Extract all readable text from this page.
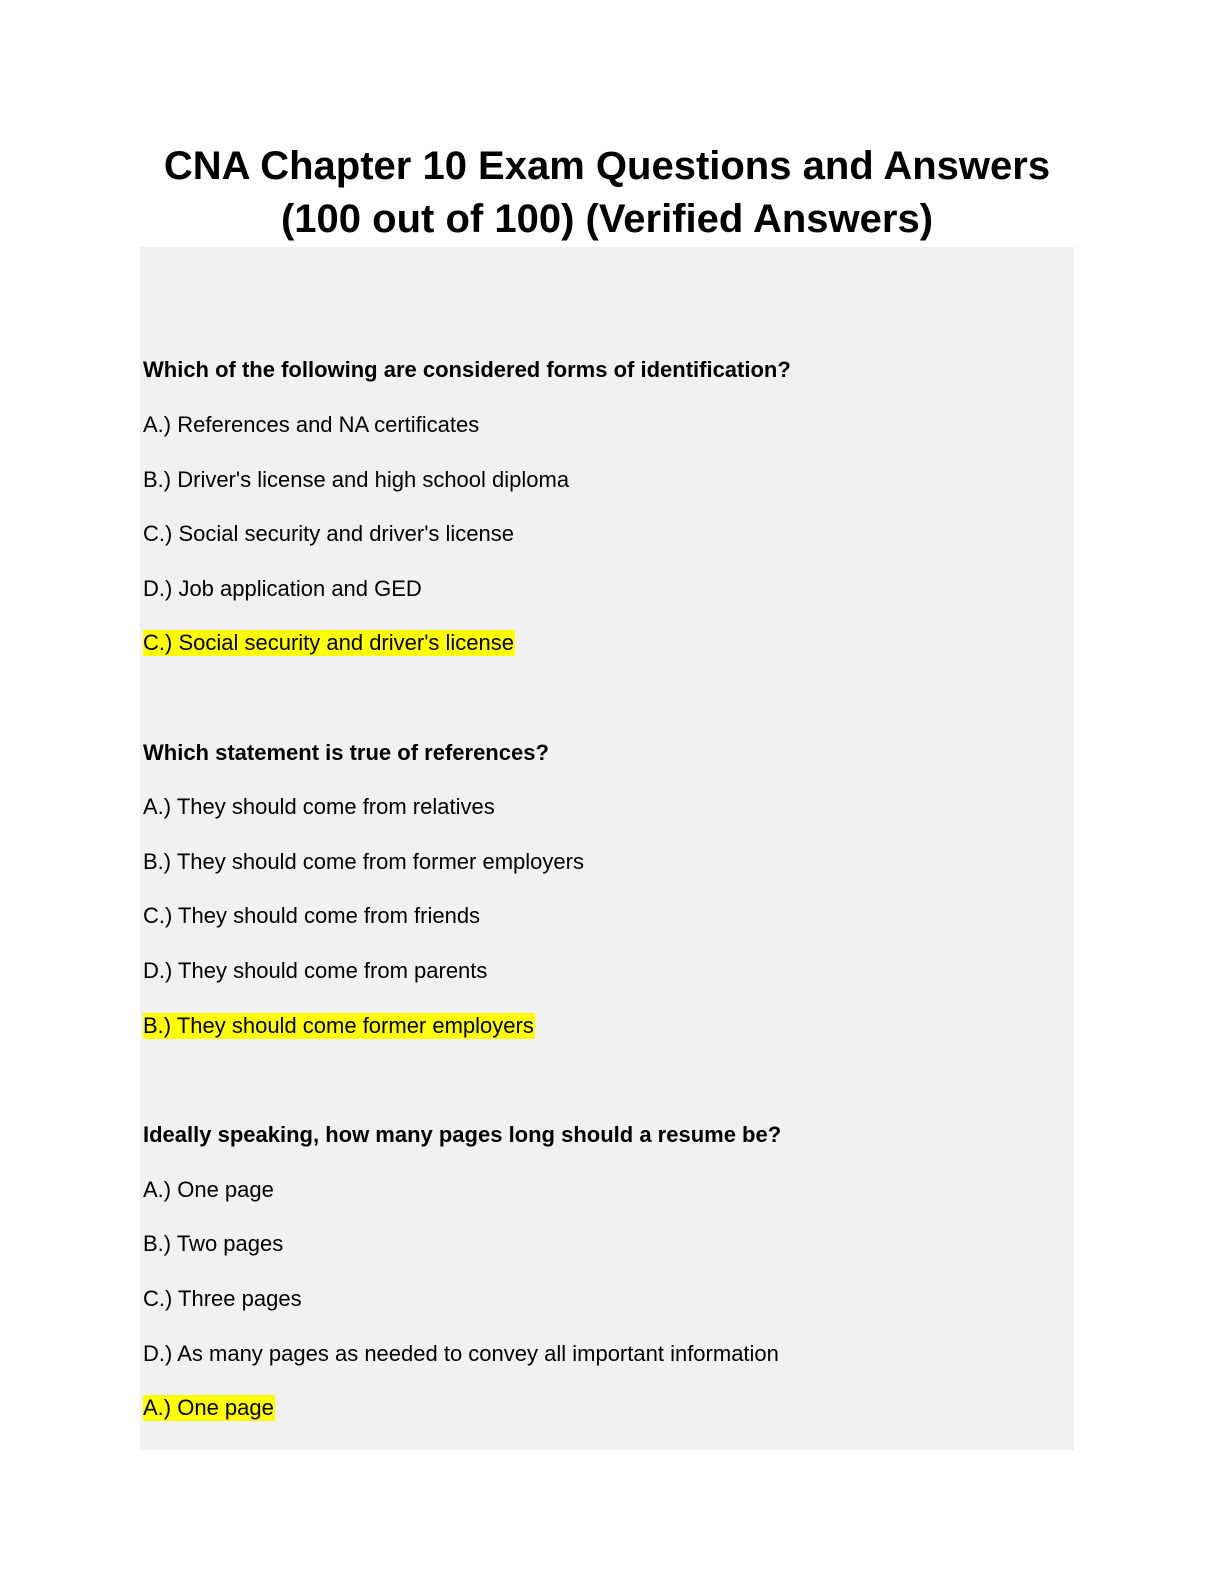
CNA Chapter 10 Exam Questions and Answers
(100 out of 100) (Verified Answers)
Which of the following are considered forms of identification?
A.) References and NA certificates
B.) Driver's license and high school diploma
C.) Social security and driver's license
D.) Job application and GED
C.) Social security and driver's license
Which statement is true of references?
A.) They should come from relatives
B.) They should come from former employers
C.) They should come from friends
D.) They should come from parents
B.) They should come former employers
Ideally speaking, how many pages long should a resume be?
A.) One page
B.) Two pages
C.) Three pages
D.) As many pages as needed to convey all important information
A.) One page
